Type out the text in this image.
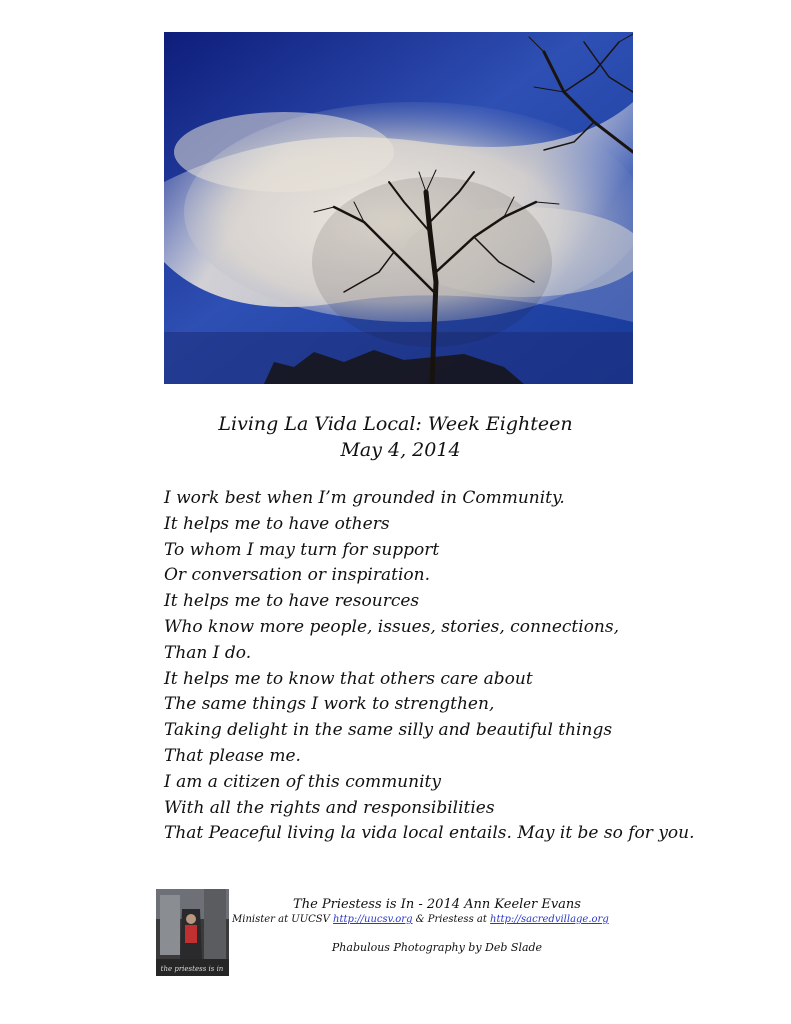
Living La Vida Local: Week Eighteen
May 4, 2014
I work best when I’m grounded in Community.
It helps me to have others
To whom I may turn for support
Or conversation or inspiration.
It helps me to have resources
Who know more people, issues, stories, connections,
Than I do.
It helps me to know that others care about
The same things I work to strengthen,
Taking delight in the same silly and beautiful things
That please me.
I am a citizen of this community
With all the rights and responsibilities
That Peaceful living la vida local entails. May it be so for you.
the priestess is in
The Priestess is In - 2014 Ann Keeler Evans
Minister at UUCSV http://uucsv.org & Priestess at http://sacredvillage.org
Phabulous Photography by Deb Slade
